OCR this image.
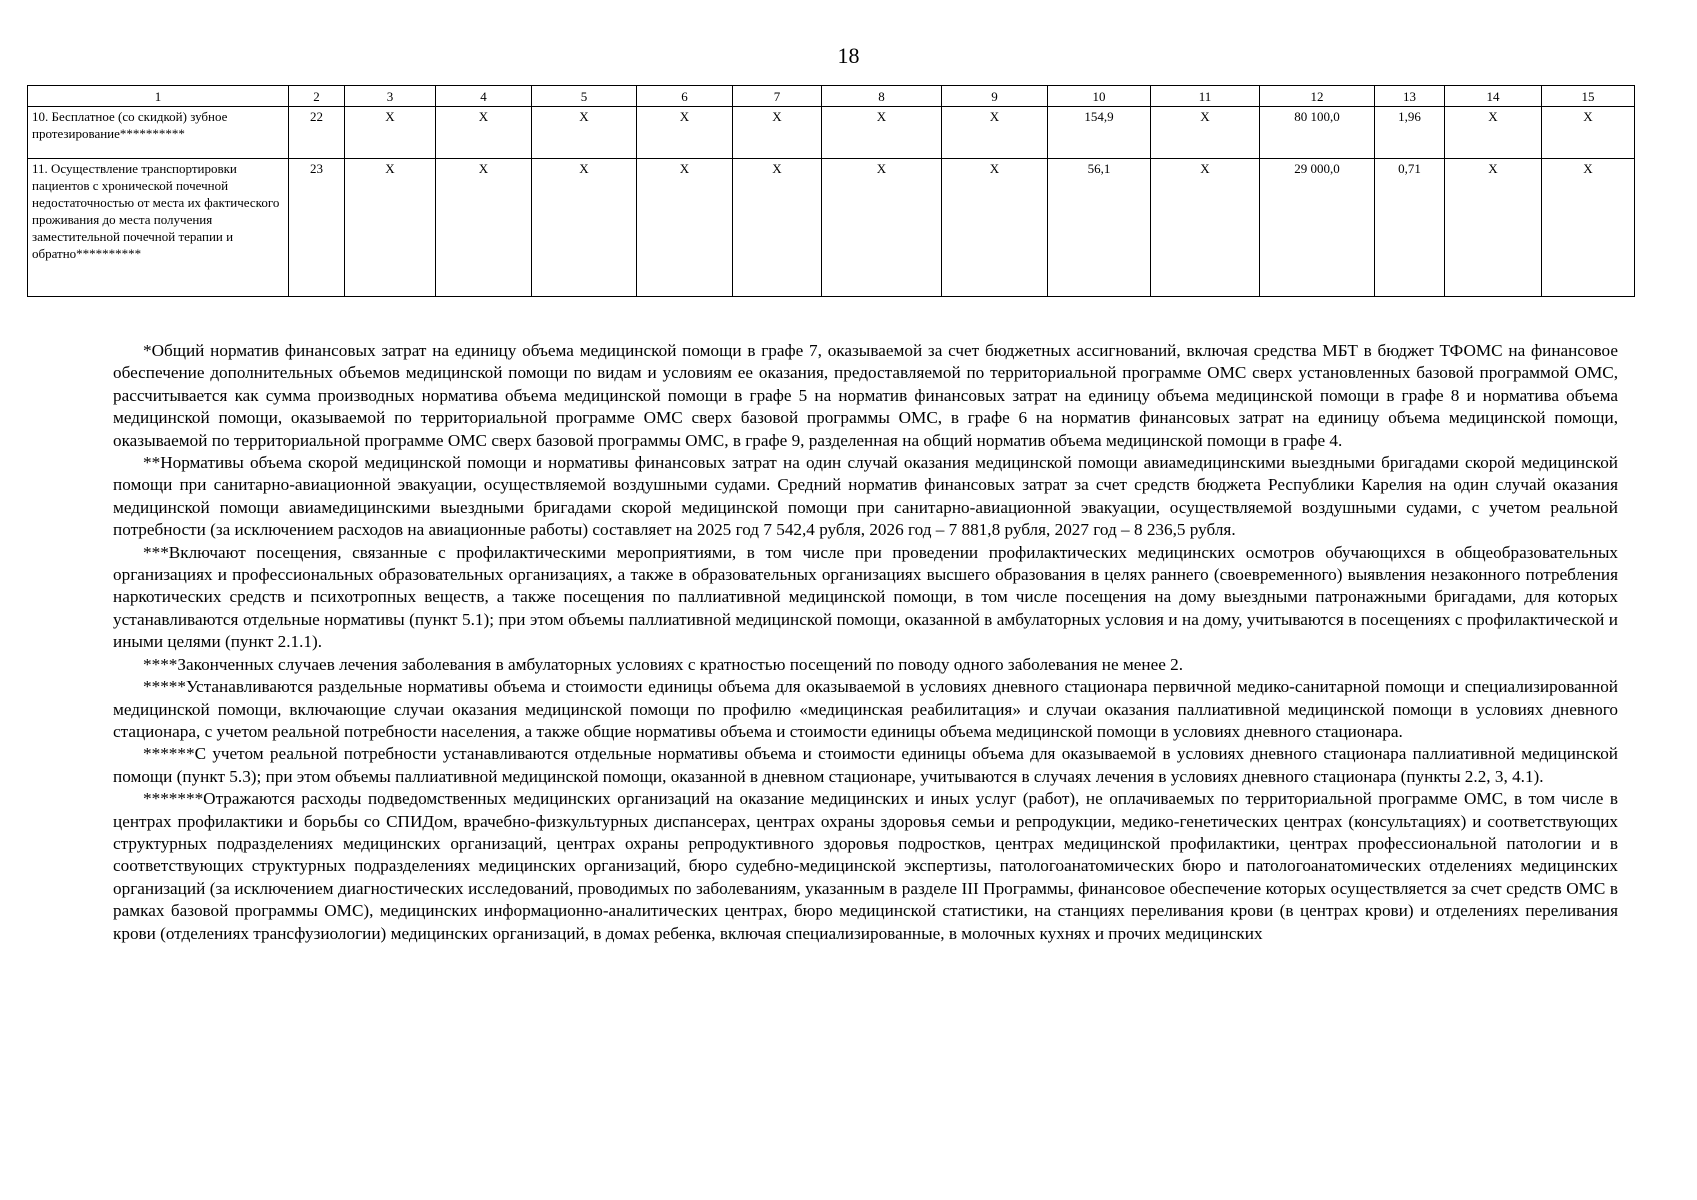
18
1	2	3	4	5	6	7	8	9	10	11	12	13	14	15
10. Бесплатное (со скидкой) зубное протезирование**********	22	X	X	X	X	X	X	X	154,9	X	80 100,0	1,96	X	X
11. Осуществление транспортировки пациентов с хронической почечной недостаточностью от места их фактического проживания до места получения заместительной почечной терапии и обратно**********	23	X	X	X	X	X	X	X	56,1	X	29 000,0	0,71	X	X

*Общий норматив финансовых затрат на единицу объема медицинской помощи в графе 7, оказываемой за счет бюджетных ассигнований, включая средства МБТ в бюджет ТФОМС на финансовое обеспечение дополнительных объемов медицинской помощи по видам и условиям ее оказания, предоставляемой по территориальной программе ОМС сверх установленных базовой программой ОМС, рассчитывается как сумма производных норматива объема медицинской помощи в графе 5 на норматив финансовых затрат на единицу объема медицинской помощи в графе 8 и норматива объема медицинской помощи, оказываемой по территориальной программе ОМС сверх базовой программы ОМС, в графе 6 на норматив финансовых затрат на единицу объема медицинской помощи, оказываемой по территориальной программе ОМС сверх базовой программы ОМС, в графе 9, разделенная на общий норматив объема медицинской помощи в графе 4.

**Нормативы объема скорой медицинской помощи и нормативы финансовых затрат на один случай оказания медицинской помощи авиамедицинскими выездными бригадами скорой медицинской помощи при санитарно-авиационной эвакуации, осуществляемой воздушными судами. Средний норматив финансовых затрат за счет средств бюджета Республики Карелия на один случай оказания медицинской помощи авиамедицинскими выездными бригадами скорой медицинской помощи при санитарно-авиационной эвакуации, осуществляемой воздушными судами, с учетом реальной потребности (за исключением расходов на авиационные работы) составляет на 2025 год 7 542,4 рубля, 2026 год – 7 881,8 рубля, 2027 год – 8 236,5 рубля.

***Включают посещения, связанные с профилактическими мероприятиями, в том числе при проведении профилактических медицинских осмотров обучающихся в общеобразовательных организациях и профессиональных образовательных организациях, а также в образовательных организациях высшего образования в целях раннего (своевременного) выявления незаконного потребления наркотических средств и психотропных веществ, а также посещения по паллиативной медицинской помощи, в том числе посещения на дому выездными патронажными бригадами, для которых устанавливаются отдельные нормативы (пункт 5.1); при этом объемы паллиативной медицинской помощи, оказанной в амбулаторных условия и на дому, учитываются в посещениях с профилактической и иными целями (пункт 2.1.1).

****Законченных случаев лечения заболевания в амбулаторных условиях с кратностью посещений по поводу одного заболевания не менее 2.

*****Устанавливаются раздельные нормативы объема и стоимости единицы объема для оказываемой в условиях дневного стационара первичной медико-санитарной помощи и специализированной медицинской помощи, включающие случаи оказания медицинской помощи по профилю «медицинская реабилитация» и случаи оказания паллиативной медицинской помощи в условиях дневного стационара, с учетом реальной потребности населения, а также общие нормативы объема и стоимости единицы объема медицинской помощи в условиях дневного стационара.

******С учетом реальной потребности устанавливаются отдельные нормативы объема и стоимости единицы объема для оказываемой в условиях дневного стационара паллиативной медицинской помощи (пункт 5.3); при этом объемы паллиативной медицинской помощи, оказанной в дневном стационаре, учитываются в случаях лечения в условиях дневного стационара (пункты 2.2, 3, 4.1).

*******Отражаются расходы подведомственных медицинских организаций на оказание медицинских и иных услуг (работ), не оплачиваемых по территориальной программе ОМС, в том числе в центрах профилактики и борьбы со СПИДом, врачебно-физкультурных диспансерах, центрах охраны здоровья семьи и репродукции, медико-генетических центрах (консультациях) и соответствующих структурных подразделениях медицинских организаций, центрах охраны репродуктивного здоровья подростков, центрах медицинской профилактики, центрах профессиональной патологии и в соответствующих структурных подразделениях медицинских организаций, бюро судебно-медицинской экспертизы, патологоанатомических бюро и патологоанатомических отделениях медицинских организаций (за исключением диагностических исследований, проводимых по заболеваниям, указанным в разделе III Программы, финансовое обеспечение которых осуществляется за счет средств ОМС в рамках базовой программы ОМС), медицинских информационно-аналитических центрах, бюро медицинской статистики, на станциях переливания крови (в центрах крови) и отделениях переливания крови (отделениях трансфузиологии) медицинских организаций, в домах ребенка, включая специализированные, в молочных кухнях и прочих медицинских
